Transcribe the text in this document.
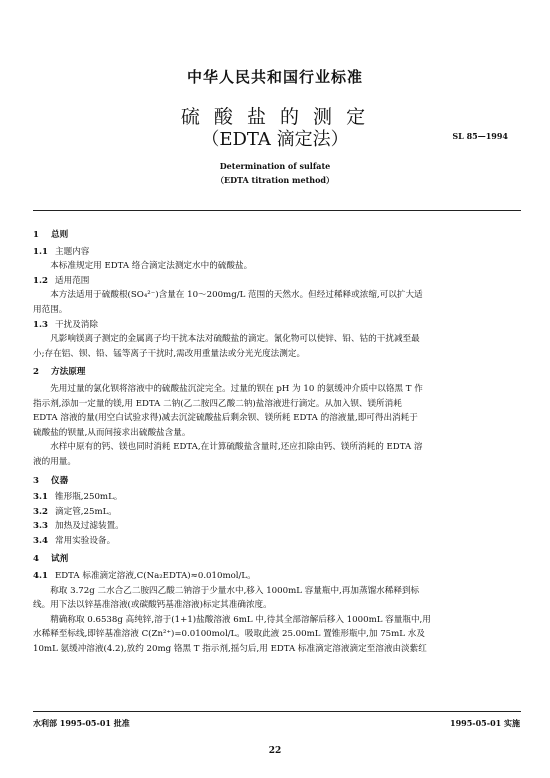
中华人民共和国行业标准
硫 酸 盐 的 测 定
（EDTA 滴定法）	SL 85—1994
Determination of sulfate
（EDTA titration method）

1 总则

1.1 主题内容

本标准规定用 EDTA 络合滴定法测定水中的硫酸盐。

1.2 适用范围

本方法适用于硫酸根(SO₄²⁻)含量在 10～200mg/L 范围的天然水。但经过稀释或浓缩,可以扩大适

用范围。

1.3 干扰及消除

凡影响镁离子测定的金属离子均干扰本法对硫酸盐的滴定。氰化物可以使锌、铅、钴的干扰减至最

小;存在铝、钡、铅、锰等离子干扰时,需改用重量法或分光光度法测定。

2 方法原理

先用过量的氯化钡将溶液中的硫酸盐沉淀完全。过量的钡在 pH 为 10 的氨缓冲介质中以铬黑 T 作

指示剂,添加一定量的镁,用 EDTA 二钠(乙二胺四乙酸二钠)盐溶液进行滴定。从加入钡、镁所消耗

EDTA 溶液的量(用空白试验求得)减去沉淀硫酸盐后剩余钡、镁所耗 EDTA 的溶液量,即可得出消耗于

硫酸盐的钡量,从而间接求出硫酸盐含量。

水样中原有的钙、镁也同时消耗 EDTA,在计算硫酸盐含量时,还应扣除由钙、镁所消耗的 EDTA 溶

液的用量。

3 仪器

3.1 锥形瓶,250mL。

3.2 滴定管,25mL。

3.3 加热及过滤装置。

3.4 常用实验设备。

4 试剂

4.1 EDTA 标准滴定溶液,C(Na₂EDTA)≈0.010mol/L。

称取 3.72g 二水合乙二胺四乙酸二钠溶于少量水中,移入 1000mL 容量瓶中,再加蒸馏水稀释到标

线。用下法以锌基准溶液(或碳酸钙基准溶液)标定其准确浓度。

精确称取 0.6538g 高纯锌,溶于(1+1)盐酸溶液 6mL 中,待其全部溶解后移入 1000mL 容量瓶中,用

水稀释至标线,即锌基准溶液 C(Zn²⁺)=0.0100mol/L。吸取此液 25.00mL 置锥形瓶中,加 75mL 水及

10mL 氨缓冲溶液(4.2),放约 20mg 铬黑 T 指示剂,摇匀后,用 EDTA 标准滴定溶液滴定至溶液由淡紫红

水利部 1995-05-01 批准	1995-05-01 实施
22
